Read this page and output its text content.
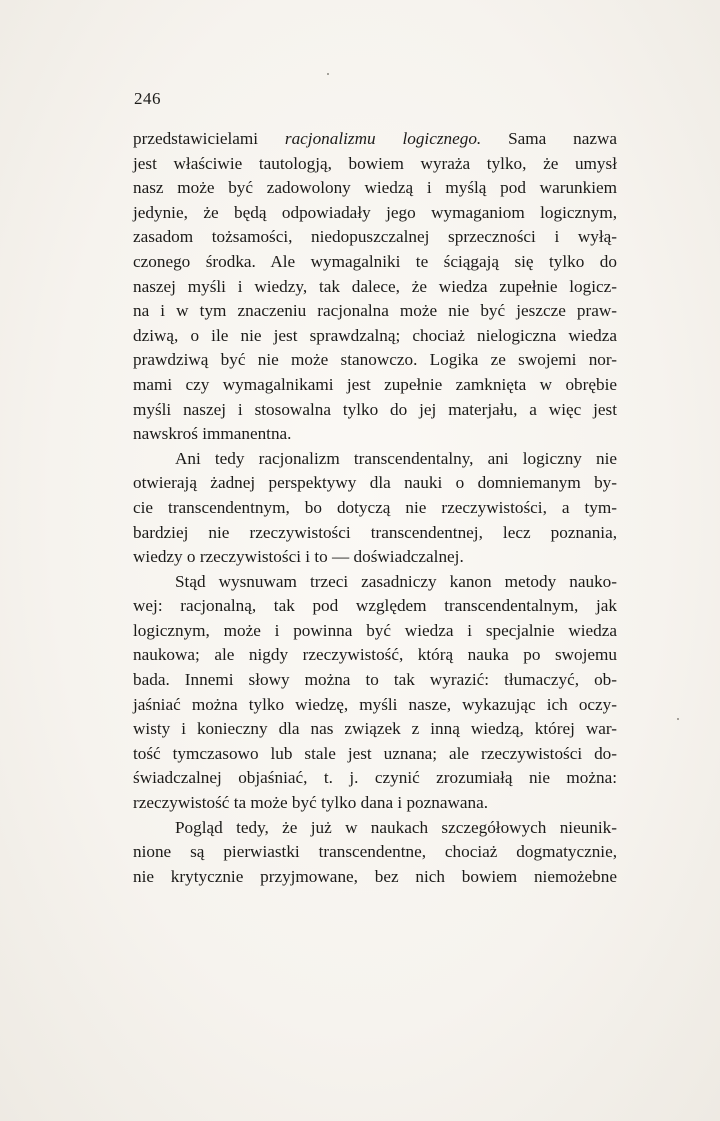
246
przedstawicielami racjonalizmu logicznego. Sama nazwa
jest właściwie tautologją, bowiem wyraża tylko, że umysł
nasz może być zadowolony wiedzą i myślą pod warunkiem
jedynie, że będą odpowiadały jego wymaganiom logicznym,
zasadom tożsamości, niedopuszczalnej sprzeczności i wyłą-
czonego środka. Ale wymagalniki te ściągają się tylko do
naszej myśli i wiedzy, tak dalece, że wiedza zupełnie logicz-
na i w tym znaczeniu racjonalna może nie być jeszcze praw-
dziwą, o ile nie jest sprawdzalną; chociaż nielogiczna wiedza
prawdziwą być nie może stanowczo. Logika ze swojemi nor-
mami czy wymagalnikami jest zupełnie zamknięta w obrębie
myśli naszej i stosowalna tylko do jej materjału, a więc jest
nawskroś immanentna.
Ani tedy racjonalizm transcendentalny, ani logiczny nie
otwierają żadnej perspektywy dla nauki o domniemanym by-
cie transcendentnym, bo dotyczą nie rzeczywistości, a tym-
bardziej nie rzeczywistości transcendentnej, lecz poznania,
wiedzy o rzeczywistości i to — doświadczalnej.
Stąd wysnuwam trzeci zasadniczy kanon metody nauko-
wej: racjonalną, tak pod względem transcendentalnym, jak
logicznym, może i powinna być wiedza i specjalnie wiedza
naukowa; ale nigdy rzeczywistość, którą nauka po swojemu
bada. Innemi słowy można to tak wyrazić: tłumaczyć, ob-
jaśniać można tylko wiedzę, myśli nasze, wykazując ich oczy-
wisty i konieczny dla nas związek z inną wiedzą, której war-
tość tymczasowo lub stale jest uznana; ale rzeczywistości do-
świadczalnej objaśniać, t. j. czynić zrozumiałą nie można:
rzeczywistość ta może być tylko dana i poznawana.
Pogląd tedy, że już w naukach szczegółowych nieunik-
nione są pierwiastki transcendentne, chociaż dogmatycznie,
nie krytycznie przyjmowane, bez nich bowiem niemożebne
